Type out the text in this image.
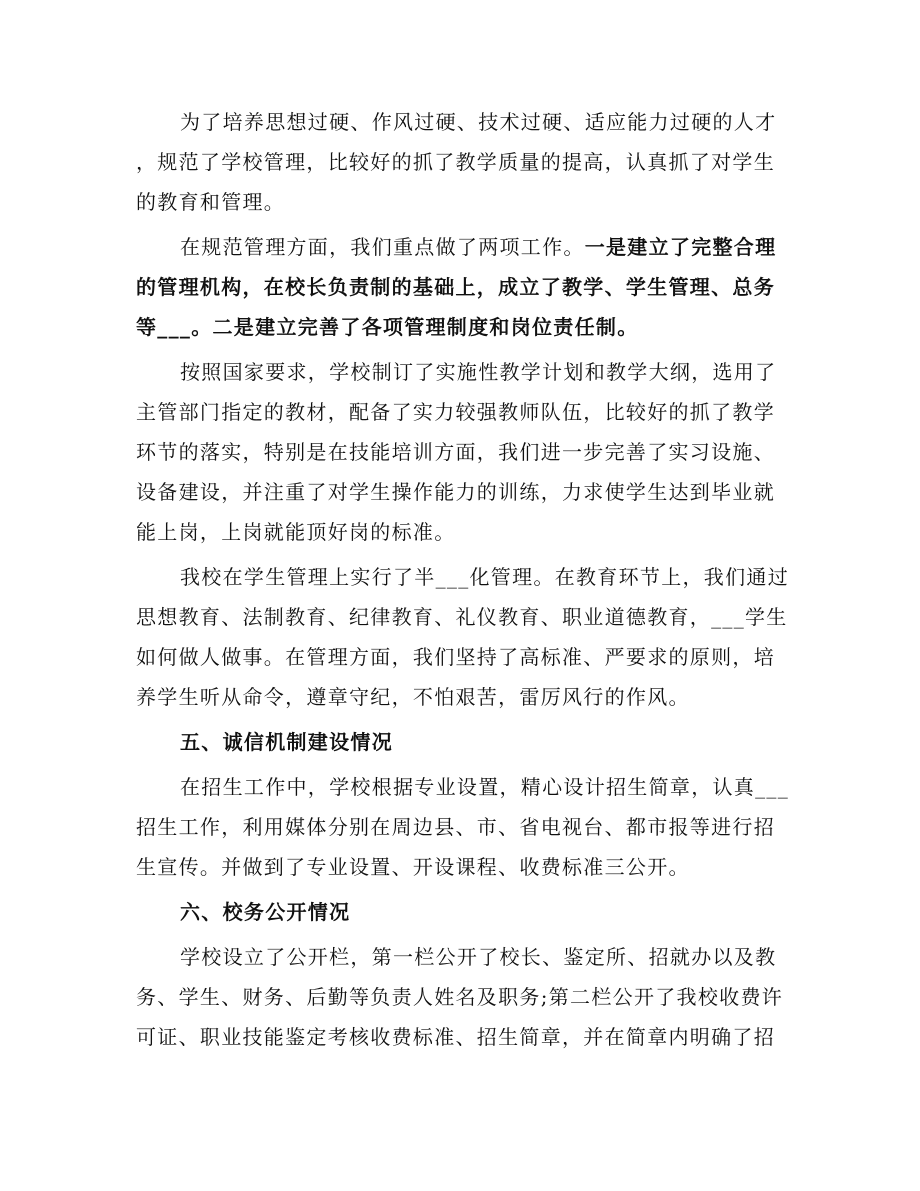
为了培养思想过硬、作风过硬、技术过硬、适应能力过硬的人才
，规范了学校管理，比较好的抓了教学质量的提高，认真抓了对学生
的教育和管理。
在规范管理方面，我们重点做了两项工作。一是建立了完整合理
的管理机构，在校长负责制的基础上，成立了教学、学生管理、总务
等___。二是建立完善了各项管理制度和岗位责任制。
按照国家要求，学校制订了实施性教学计划和教学大纲，选用了
主管部门指定的教材，配备了实力较强教师队伍，比较好的抓了教学
环节的落实，特别是在技能培训方面，我们进一步完善了实习设施、
设备建设，并注重了对学生操作能力的训练，力求使学生达到毕业就
能上岗，上岗就能顶好岗的标准。
我校在学生管理上实行了半___化管理。在教育环节上，我们通过
思想教育、法制教育、纪律教育、礼仪教育、职业道德教育，___学生
如何做人做事。在管理方面，我们坚持了高标准、严要求的原则，培
养学生听从命令，遵章守纪，不怕艰苦，雷厉风行的作风。
五、诚信机制建设情况
在招生工作中，学校根据专业设置，精心设计招生简章，认真___
招生工作，利用媒体分别在周边县、市、省电视台、都市报等进行招
生宣传。并做到了专业设置、开设课程、收费标准三公开。
六、校务公开情况
学校设立了公开栏，第一栏公开了校长、鉴定所、招就办以及教
务、学生、财务、后勤等负责人姓名及职务;第二栏公开了我校收费许
可证、职业技能鉴定考核收费标准、招生简章，并在简章内明确了招
